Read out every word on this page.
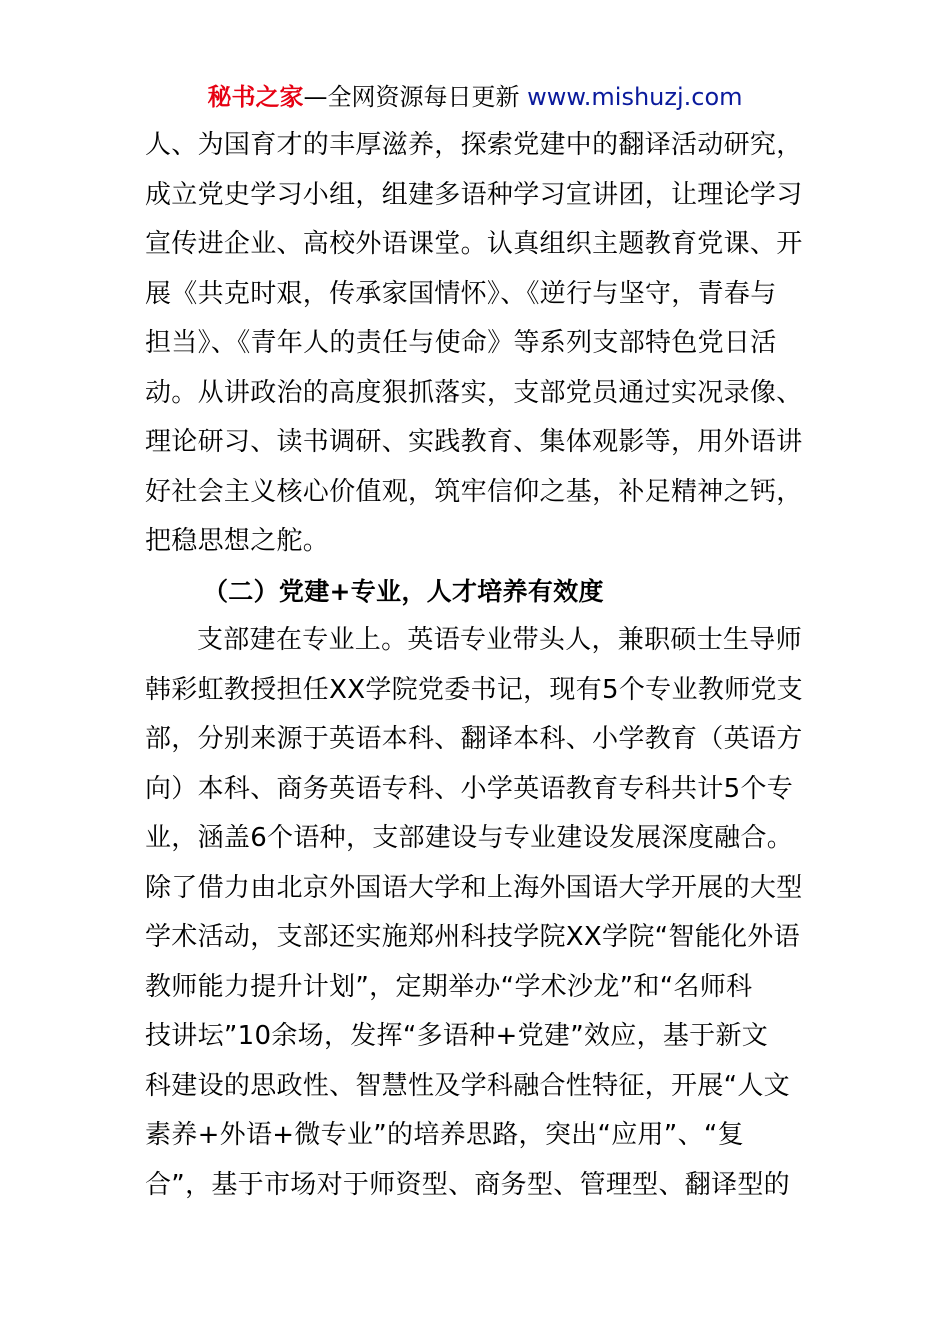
秘书之家—全网资源每日更新 www.mishuzj.com
人、为国育才的丰厚滋养，探索党建中的翻译活动研究，
成立党史学习小组，组建多语种学习宣讲团，让理论学习
宣传进企业、高校外语课堂。认真组织主题教育党课、开
展《共克时艰，传承家国情怀》、《逆行与坚守，青春与
担当》、《青年人的责任与使命》等系列支部特色党日活
动。从讲政治的高度狠抓落实，支部党员通过实况录像、
理论研习、读书调研、实践教育、集体观影等，用外语讲
好社会主义核心价值观，筑牢信仰之基，补足精神之钙，
把稳思想之舵。
（二）党建+专业，人才培养有效度
支部建在专业上。英语专业带头人，兼职硕士生导师
韩彩虹教授担任XX学院党委书记，现有5个专业教师党支
部，分别来源于英语本科、翻译本科、小学教育（英语方
向）本科、商务英语专科、小学英语教育专科共计5个专
业，涵盖6个语种，支部建设与专业建设发展深度融合。
除了借力由北京外国语大学和上海外国语大学开展的大型
学术活动，支部还实施郑州科技学院XX学院“智能化外语
教师能力提升计划”，定期举办“学术沙龙”和“名师科
技讲坛”10余场，发挥“多语种+党建”效应，基于新文
科建设的思政性、智慧性及学科融合性特征，开展“人文
素养+外语+微专业”的培养思路，突出“应用”、“复
合”，基于市场对于师资型、商务型、管理型、翻译型的
